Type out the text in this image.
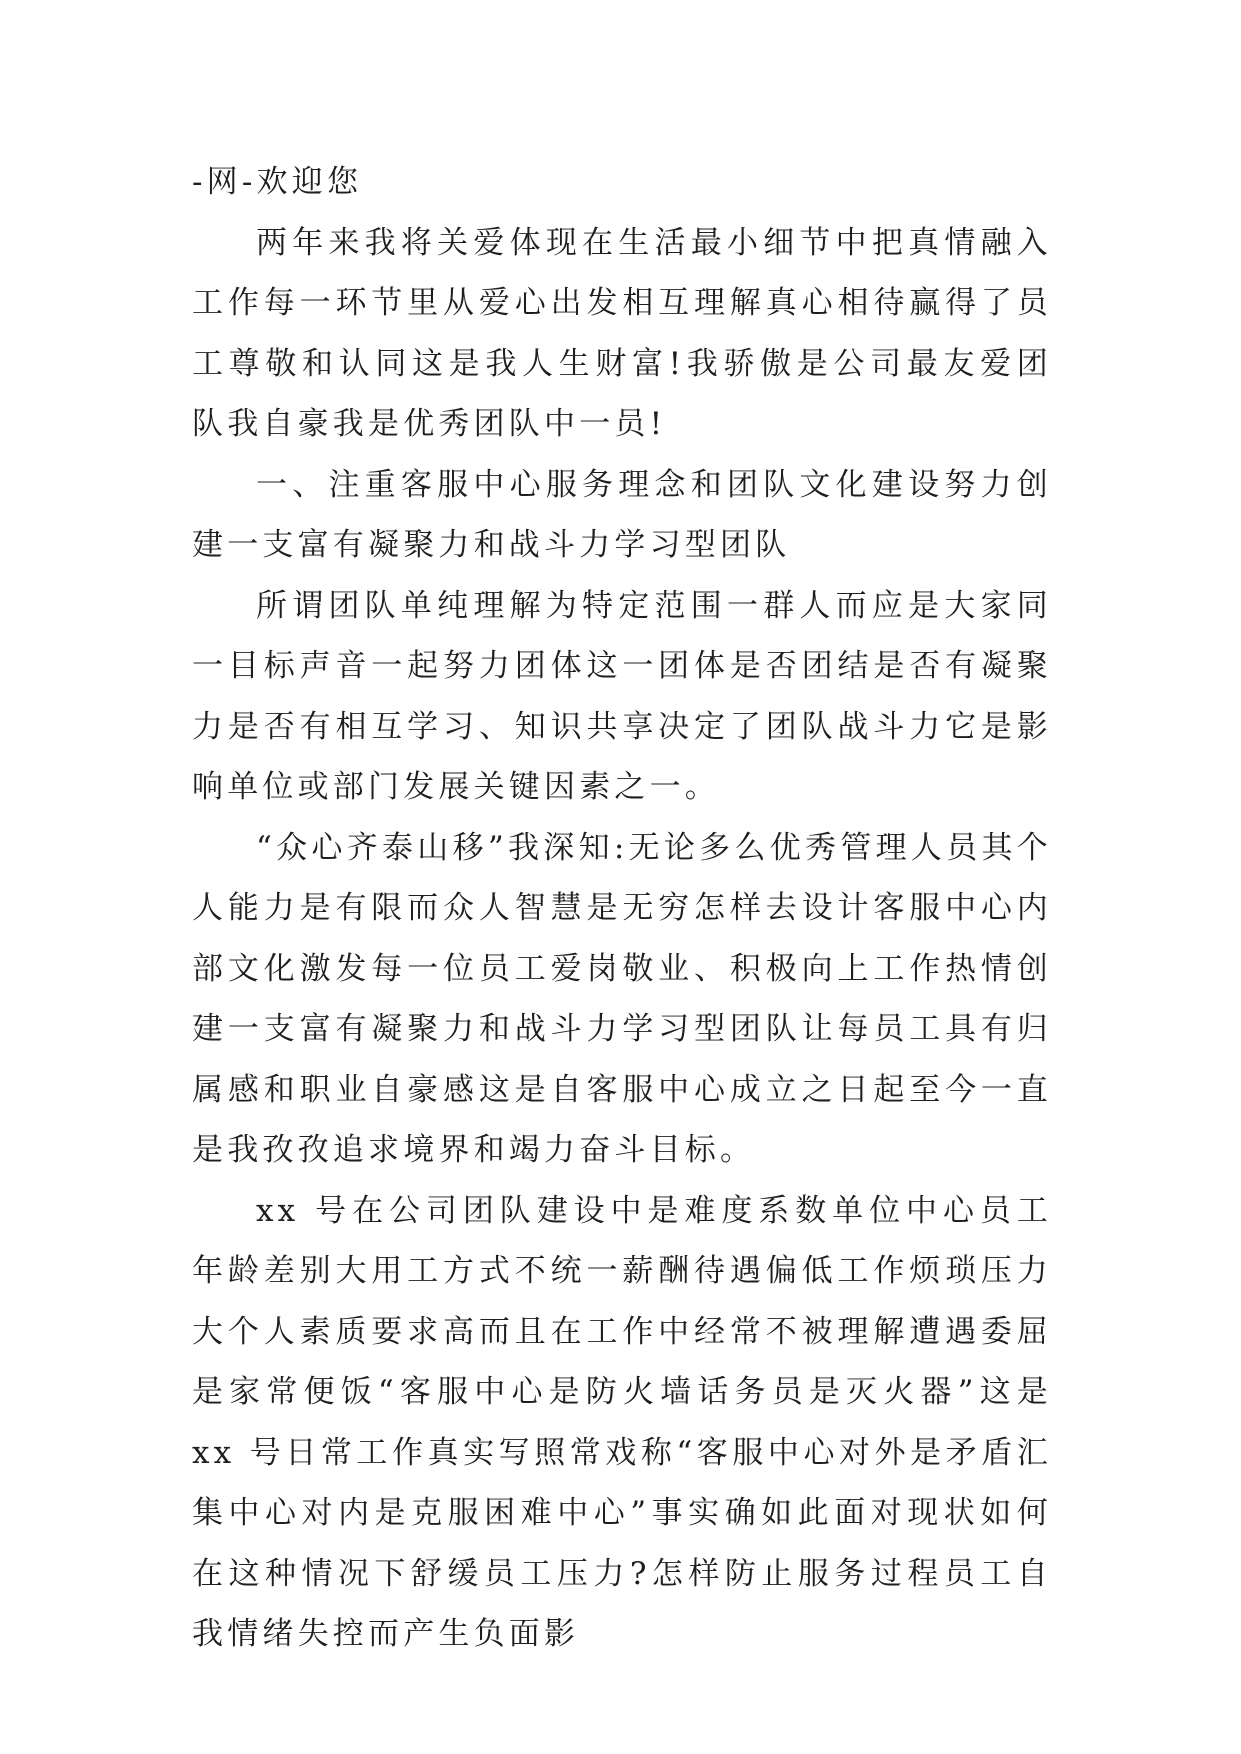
-网-欢迎您

两年来我将关爱体现在生活最小细节中把真情融入工作每一环节里从爱心出发相互理解真心相待赢得了员工尊敬和认同这是我人生财富!我骄傲是公司最友爱团队我自豪我是优秀团队中一员!

一、注重客服中心服务理念和团队文化建设努力创建一支富有凝聚力和战斗力学习型团队

所谓团队单纯理解为特定范围一群人而应是大家同一目标声音一起努力团体这一团体是否团结是否有凝聚力是否有相互学习、知识共享决定了团队战斗力它是影响单位或部门发展关键因素之一。

“众心齐泰山移”我深知:无论多么优秀管理人员其个人能力是有限而众人智慧是无穷怎样去设计客服中心内部文化激发每一位员工爱岗敬业、积极向上工作热情创建一支富有凝聚力和战斗力学习型团队让每员工具有归属感和职业自豪感这是自客服中心成立之日起至今一直是我孜孜追求境界和竭力奋斗目标。

xx 号在公司团队建设中是难度系数单位中心员工年龄差别大用工方式不统一薪酬待遇偏低工作烦琐压力大个人素质要求高而且在工作中经常不被理解遭遇委屈是家常便饭“客服中心是防火墙话务员是灭火器”这是 xx 号日常工作真实写照常戏称“客服中心对外是矛盾汇集中心对内是克服困难中心”事实确如此面对现状如何在这种情况下舒缓员工压力?怎样防止服务过程员工自我情绪失控而产生负面影
